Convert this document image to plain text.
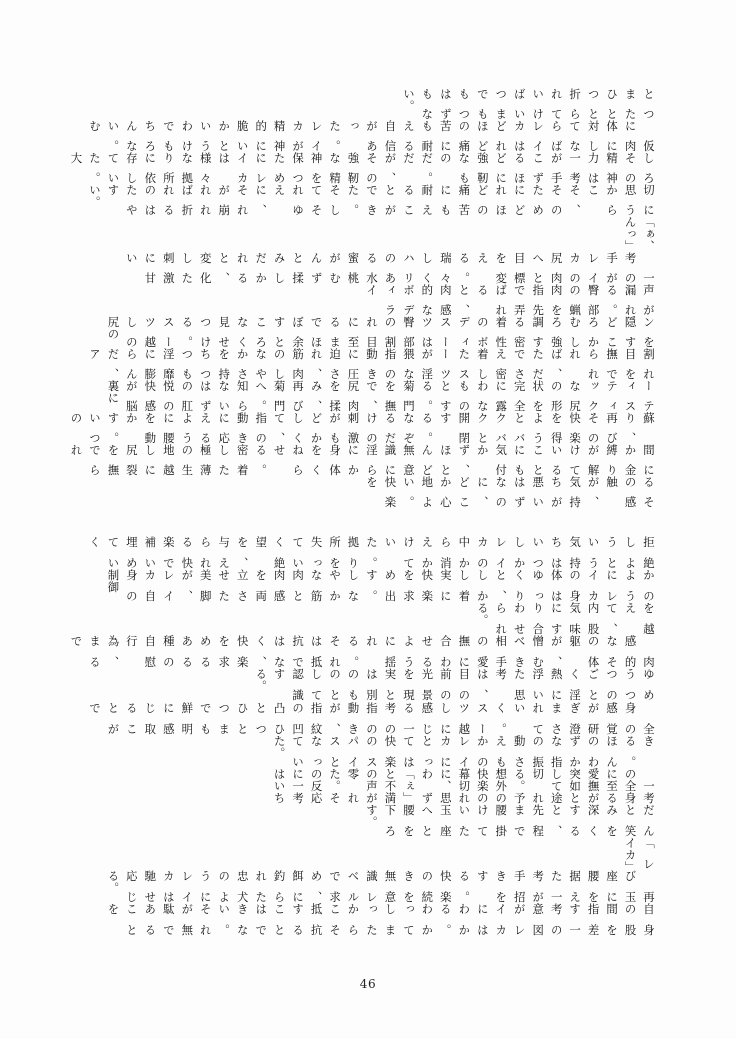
とつまたひとつと折られていけばいつまでももつはずもない。
　仮に肉体に対してならばレイカはどれほどの痛苦にも耐える自信があった。レイカが精神的に脆いかというわけでもちろんない。む
しろその精神力は一考が手こずるほどに強靭なものだ。だが、その強靭な精神を保つためにレイカは様々な拠り所に依存していた。大
切に思うからこそ、そのためにどれほどの痛苦にも耐えることができた。そしてそれゆえに、それが崩れれば折れるのはたやすい。
「ぁ、んっ」
　一考の手がレイカの尻肉へと目標を変える。瑞々しくハリのある水蜜桃がむんずと揉みしだかれると、変化した刺激に甘い
声が漏れる。臀部の蝋肉を指先で弄ばれると、肉感的なボディライ
ンを隠すどころかむしろ強調する密着性のボディスーツは臀部の割れ目に至るまでほぼ余すところなく見せつける。スーツ越しの尻の
割れ目を撫でられれば、ただでさえ密着したスーツが淫猥な指の動きに圧迫され、筋肉のしなやかさを持ちつつも淫靡に膨らんだ、ア
ーティスティックな尻の形状を完全に露わなものとする。菊門を撫で、尻肉を揉み、再び菊門へ。知らないはずの肛悦の快感が脳裏に
蘇り、再びその快楽を得ようとバクバクと開閉する。なぞるだけの刺激がもどかしくて、指の動きに応えるように腰を動かす。いつの
間にか金縛りが解けていることにも気付かず、ほとんど無意識に淫らにか身体をくねらせる。密着した極薄の生地越しに尻裂を撫でられ
るその感触が、気持ちが悪いはずなのに、どこか心地よい。快楽を
拒絶しようという気持ちはいつしかレイカの中から消えかけていた。拠り所を失っていく絶望を、与えられる快楽で補い埋めていく
かのようにレイカの身体はゆっくりと、しかし着実に快楽を求め出す。しなやかな筋肉と肉感を両立させた美脚が、レイカ自身の制御
を越えて、内股気味にすり合わせられる。
　肉感的なその体躯が、憎むべき相手の愛撫に合わせるように揺れる。それは抵抗ではなく、快楽を求めるある種の自慰行為、まるで
ゆめうつつのごとく淫熱に浮いた思考は、目の前の光景を現実とは別のものとして認識する。
　全身の感覚が研ぎ澄まされていく。スーツ越しに感じる一考の指の動きが、指紋の凹凸ひとつひとつまでも鮮明に感じ取ることがで
きる。ほんのわずかな指の振動さえもかのレイカにとっては快楽のスパイスとなっていた。
　一考の全身に至る愛撫が突如として途切れる。予想外の快楽の幕切れに、思わず「ぇ」と不満の声が零れた。その反応に一考はいち
だんと笑みを深くすると、先程まで腰掛けていた玉座へと腰を下ろす。
「レイカ」
　再び玉座に腰を据えた一考が手招きをする。快楽の続きを無意識レベルで求め、餌に釣られた忠犬のようにレイカは馳せ応じる。
自身の股間を指差す一考の意図がレイカにはわかる。わかってしまったからこそ抵抗することはできない。それが無駄であることを
46
